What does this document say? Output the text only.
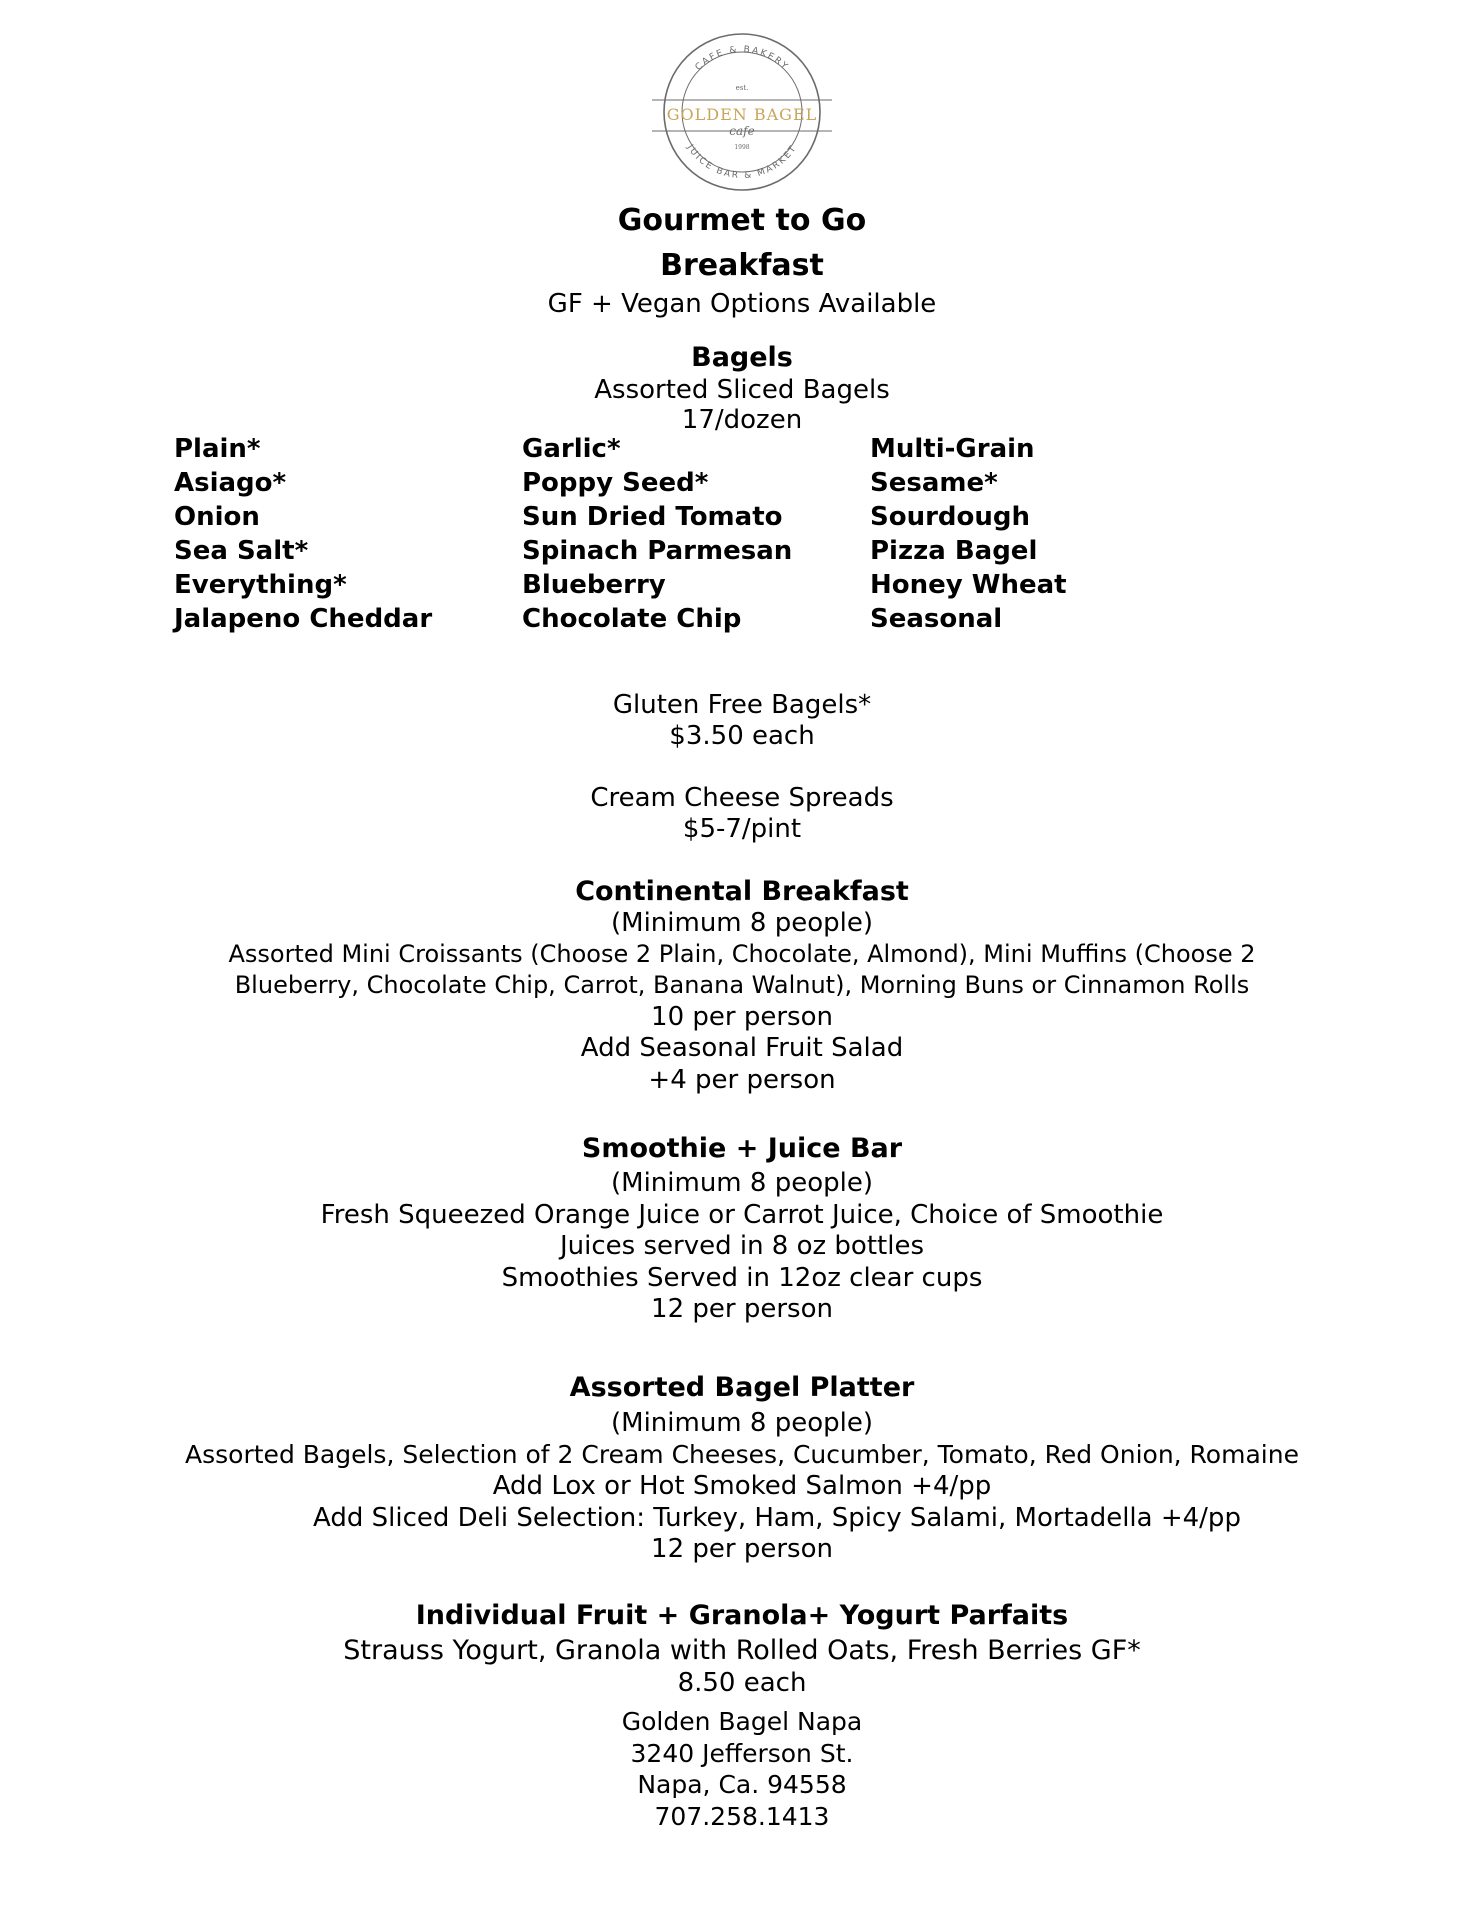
CAFE & BAKERY
JUICE BAR & MARKET
est.
GOLDEN BAGEL
cafe
1998
Gourmet to Go
Breakfast
GF + Vegan Options Available
Bagels
Assorted Sliced Bagels
17/dozen
Plain*
Asiago*
Onion
Sea Salt*
Everything*
Jalapeno Cheddar
Garlic*
Poppy Seed*
Sun Dried Tomato
Spinach Parmesan
Blueberry
Chocolate Chip
Multi-Grain
Sesame*
Sourdough
Pizza Bagel
Honey Wheat
Seasonal
Gluten Free Bagels*
$3.50 each
Cream Cheese Spreads
$5-7/pint
Continental Breakfast
(Minimum 8 people)
Assorted Mini Croissants (Choose 2 Plain, Chocolate, Almond), Mini Muffins (Choose 2
Blueberry, Chocolate Chip, Carrot, Banana Walnut), Morning Buns or Cinnamon Rolls
10 per person
Add Seasonal Fruit Salad
+4 per person
Smoothie + Juice Bar
(Minimum 8 people)
Fresh Squeezed Orange Juice or Carrot Juice, Choice of Smoothie
Juices served in 8 oz bottles
Smoothies Served in 12oz clear cups
12 per person
Assorted Bagel Platter
(Minimum 8 people)
Assorted Bagels, Selection of 2 Cream Cheeses, Cucumber, Tomato, Red Onion, Romaine
Add Lox or Hot Smoked Salmon +4/pp
Add Sliced Deli Selection: Turkey, Ham, Spicy Salami, Mortadella +4/pp
12 per person
Individual Fruit + Granola+ Yogurt Parfaits
Strauss Yogurt, Granola with Rolled Oats, Fresh Berries GF*
8.50 each
Golden Bagel Napa
3240 Jefferson St.
Napa, Ca. 94558
707.258.1413
